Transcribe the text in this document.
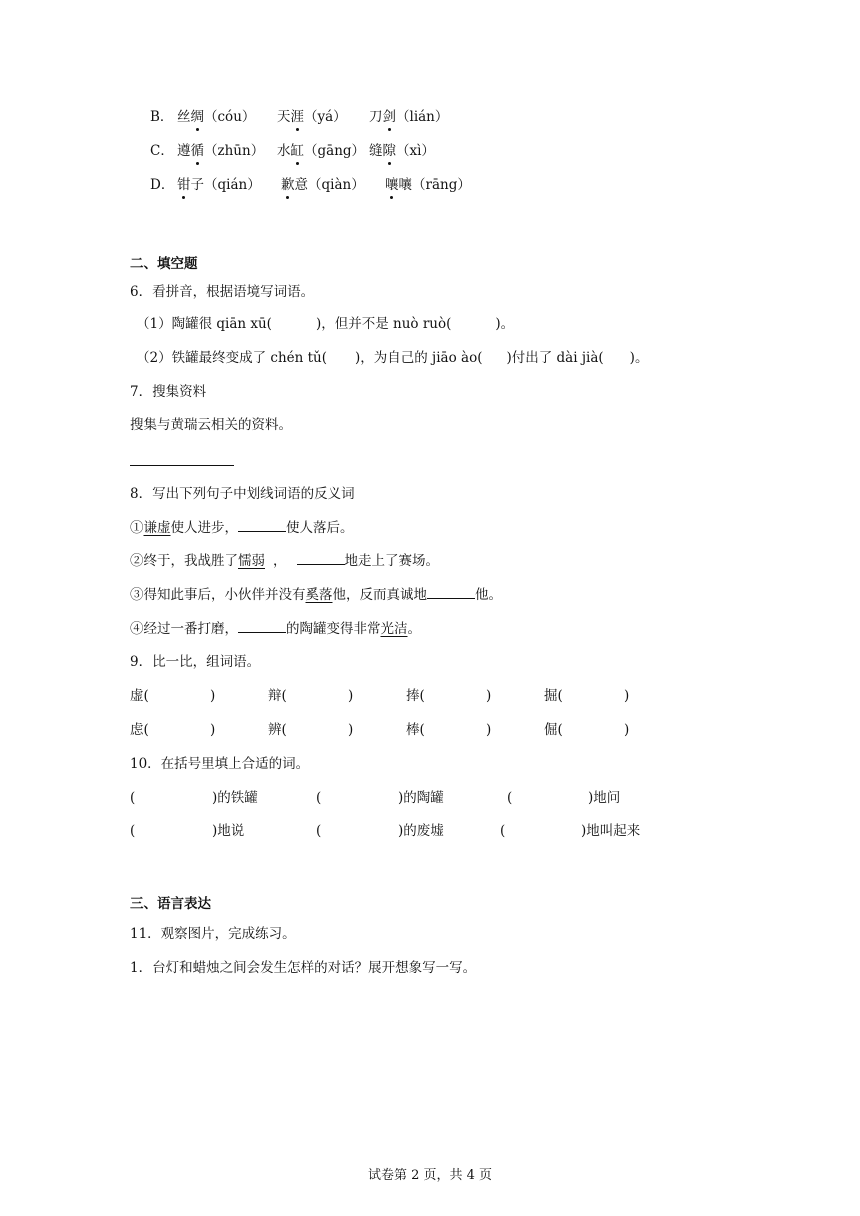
B． 丝绸（cóu） 天涯（yá） 刀剑（lián）
C． 遵循（zhūn） 水缸（gāng） 缝隙（xì）
D． 钳子（qián） 歉意（qiàn） 嚷嚷（rāng）
二、填空题
6．看拼音，根据语境写词语。
（1）陶罐很 qiān xū(	)，但并不是 nuò ruò(	)。
（2）铁罐最终变成了 chén tǔ( )，为自己的 jiāo ào( )付出了 dài jià( )。
7．搜集资料
搜集与黄瑞云相关的资料。
8．写出下列句子中划线词语的反义词
①谦虚使人进步，	使人落后。
②终于，我战胜了懦弱 ，	地走上了赛场。
③得知此事后，小伙伴并没有奚落他，反而真诚地	他。
④经过一番打磨，	的陶罐变得非常光洁。
9．比一比，组词语。
虚(	)	辩(	)	捧(	)	掘(	)
虑(	)	辨(	)	棒(	)	倔(	)
10．在括号里填上合适的词。
(	)的铁罐	(	)的陶罐	(	)地问
(	)地说	(	)的废墟	(	)地叫起来
三、语言表达
11．观察图片，完成练习。
1．台灯和蜡烛之间会发生怎样的对话？展开想象写一写。
试卷第 2 页，共 4 页
